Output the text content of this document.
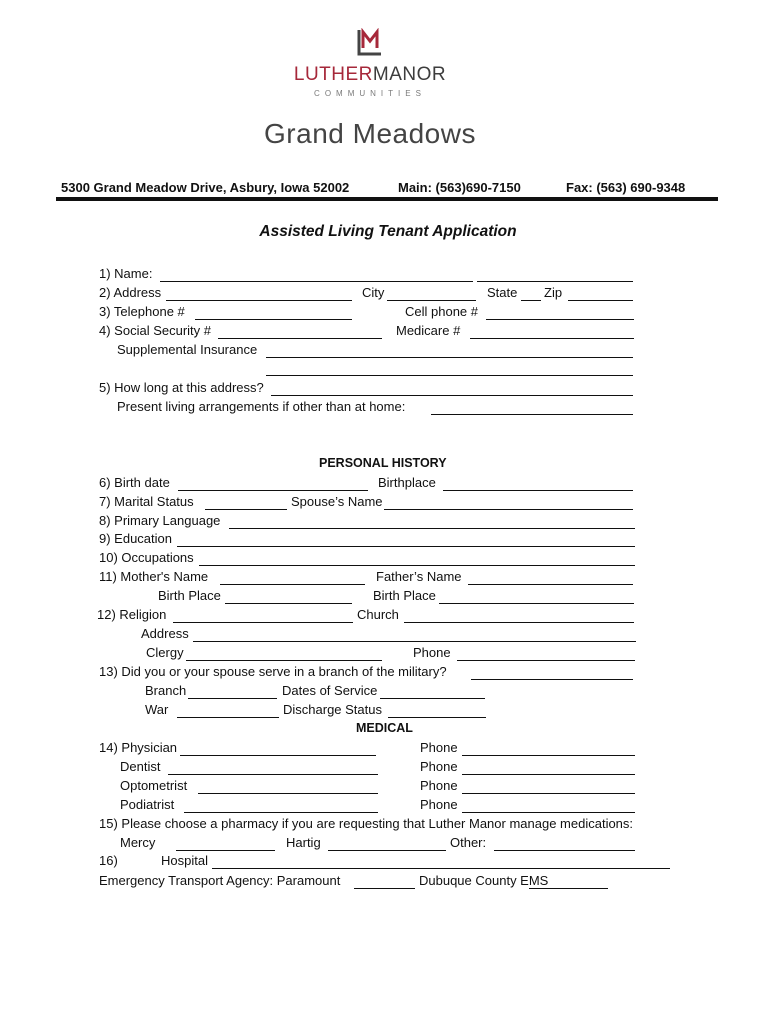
LUTHERMANOR
COMMUNITIES
Grand Meadows
5300 Grand Meadow Drive, Asbury, Iowa 52002	Main: (563)690-7150	Fax: (563) 690-9348
Assisted Living Tenant Application
1) Name:
2) Address	City	State Zip
3) Telephone #	Cell phone #
4) Social Security #	Medicare #
Supplemental Insurance
5) How long at this address?
Present living arrangements if other than at home:
PERSONAL HISTORY
6) Birth date	Birthplace
7) Marital Status	Spouse’s Name
8) Primary Language
9) Education
10) Occupations
11) Mother's Name	Father’s Name
Birth Place	Birth Place
12) Religion	Church
Address
Clergy	Phone
13) Did you or your spouse serve in a branch of the military?
Branch	Dates of Service
War	Discharge Status
MEDICAL
14) Physician	Phone
Dentist	Phone
Optometrist	Phone
Podiatrist	Phone
15) Please choose a pharmacy if you are requesting that Luther Manor manage medications:
Mercy	Hartig	Other:
16)	Hospital
Emergency Transport Agency: Paramount	Dubuque County EMS
